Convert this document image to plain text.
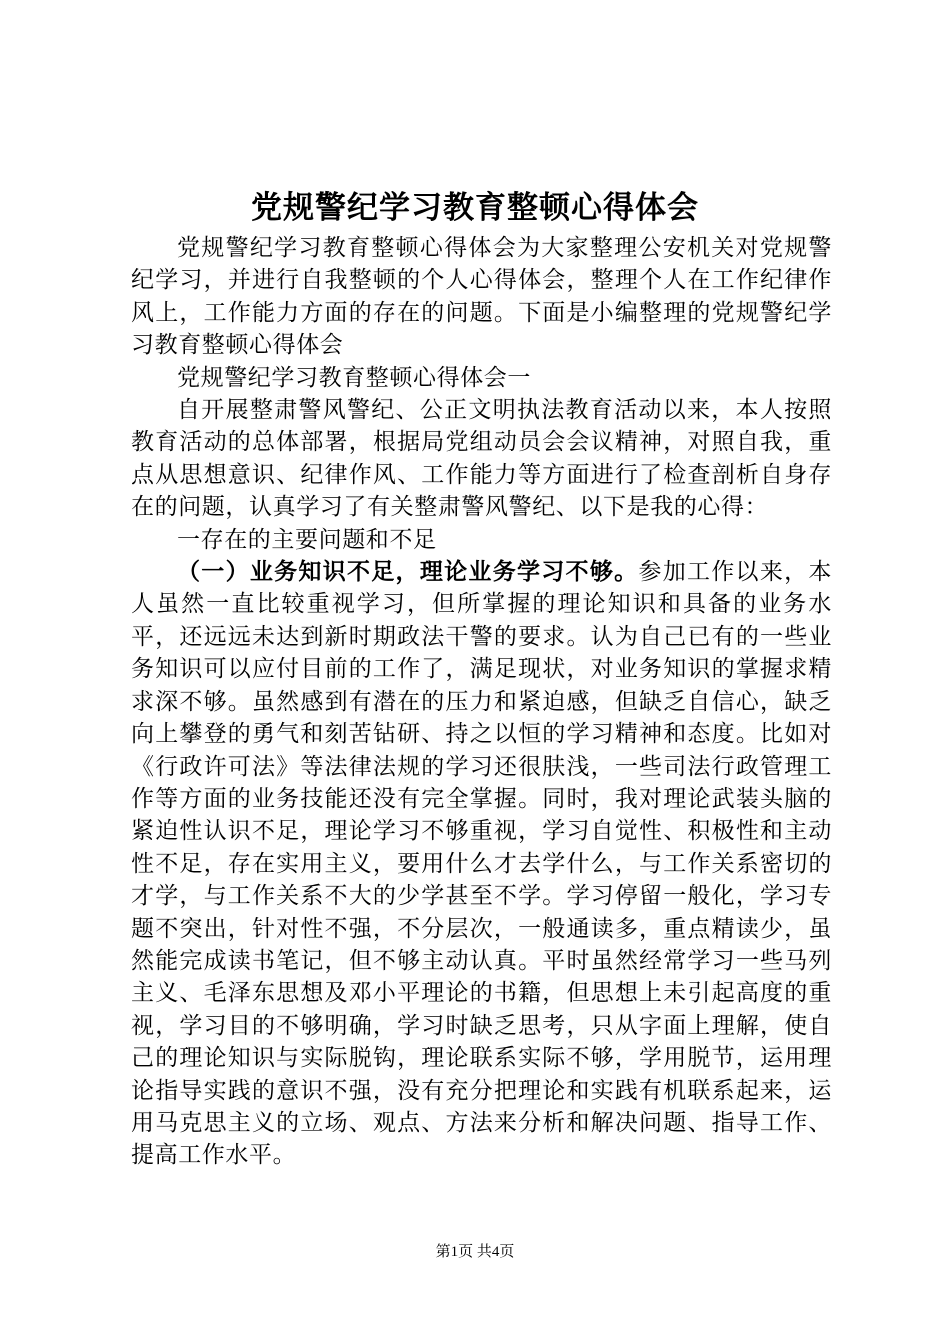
党规警纪学习教育整顿心得体会

党规警纪学习教育整顿心得体会为大家整理公安机关对党规警纪学习，并进行自我整顿的个人心得体会，整理个人在工作纪律作风上，工作能力方面的存在的问题。下面是小编整理的党规警纪学习教育整顿心得体会

党规警纪学习教育整顿心得体会一

自开展整肃警风警纪、公正文明执法教育活动以来，本人按照教育活动的总体部署，根据局党组动员会会议精神，对照自我，重点从思想意识、纪律作风、工作能力等方面进行了检查剖析自身存在的问题，认真学习了有关整肃警风警纪、以下是我的心得：

一存在的主要问题和不足

（一）业务知识不足，理论业务学习不够。参加工作以来，本人虽然一直比较重视学习，但所掌握的理论知识和具备的业务水平，还远远未达到新时期政法干警的要求。认为自己已有的一些业务知识可以应付目前的工作了，满足现状，对业务知识的掌握求精求深不够。虽然感到有潜在的压力和紧迫感，但缺乏自信心，缺乏向上攀登的勇气和刻苦钻研、持之以恒的学习精神和态度。比如对《行政许可法》等法律法规的学习还很肤浅，一些司法行政管理工作等方面的业务技能还没有完全掌握。同时，我对理论武装头脑的紧迫性认识不足，理论学习不够重视，学习自觉性、积极性和主动性不足，存在实用主义，要用什么才去学什么，与工作关系密切的才学，与工作关系不大的少学甚至不学。学习停留一般化，学习专题不突出，针对性不强，不分层次，一般通读多，重点精读少，虽然能完成读书笔记，但不够主动认真。平时虽然经常学习一些马列主义、毛泽东思想及邓小平理论的书籍，但思想上未引起高度的重视，学习目的不够明确，学习时缺乏思考，只从字面上理解，使自己的理论知识与实际脱钩，理论联系实际不够，学用脱节，运用理论指导实践的意识不强，没有充分把理论和实践有机联系起来，运用马克思主义的立场、观点、方法来分析和解决问题、指导工作、提高工作水平。

第1页 共4页
